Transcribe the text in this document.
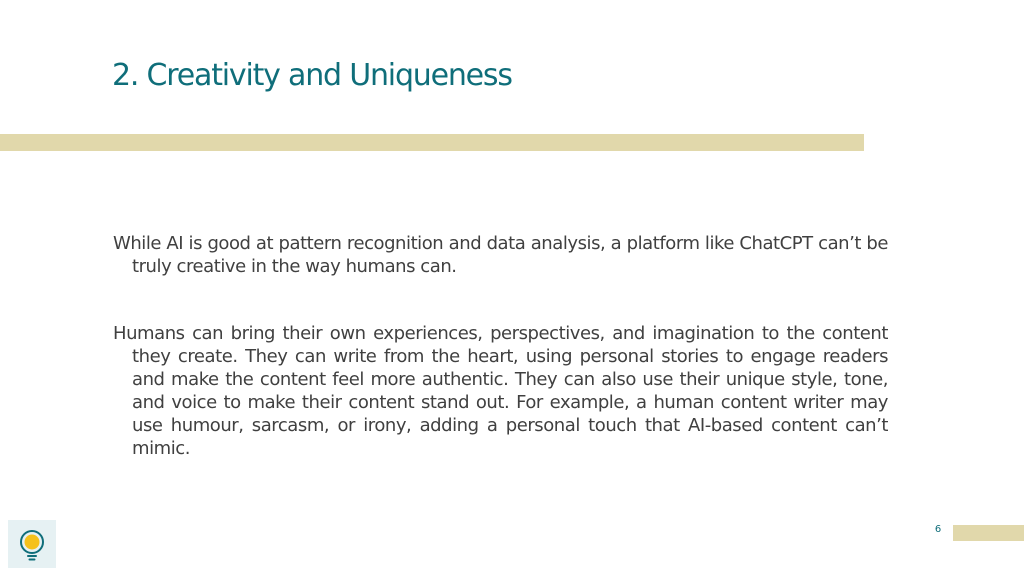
2. Creativity and Uniqueness

While AI is good at pattern recognition and data analysis, a platform like ChatCPT can’t be truly creative in the way humans can.

Humans can bring their own experiences, perspectives, and imagination to the content they create. They can write from the heart, using personal stories to engage readers and make the content feel more authentic. They can also use their unique style, tone, and voice to make their content stand out. For example, a human content writer may use humour, sarcasm, or irony, adding a personal touch that AI-based content can’t mimic.

6
